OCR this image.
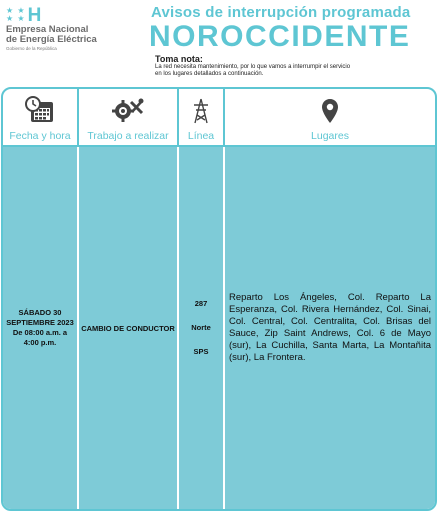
★ ★
★ ★ H
Empresa Nacional
de Energía Eléctrica
Gobierno de la República
Avisos de interrupción programada
NOROCCIDENTE
Toma nota:
La red necesita mantenimiento, por lo que vamos a interrumpir el servicio
en los lugares detallados a continuación.
Fecha y hora Trabajo a realizar Línea	Lugares
SÁBADO 30
SEPTIEMBRE 2023
De 08:00 a.m. a
4:00 p.m.
CAMBIO DE CONDUCTOR
287
Norte
SPS
Reparto Los Ángeles, Col. Reparto La Esperanza, Col. Rivera Hernández, Col. Sinai, Col. Central, Col. Centralita, Col. Brisas del Sauce, Zip Saint Andrews, Col. 6 de Mayo (sur), La Cuchilla, Santa Marta, La Montañita (sur), La Frontera.
